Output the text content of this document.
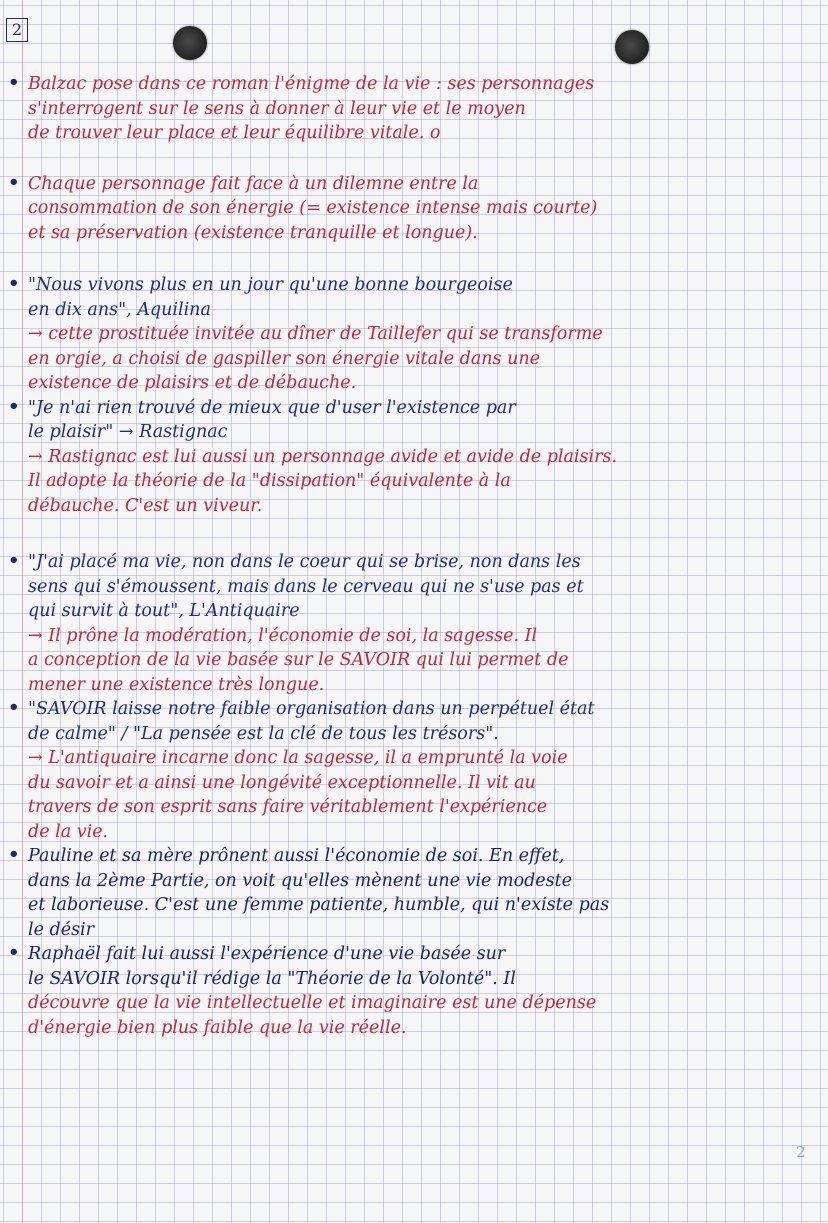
2
• Balzac pose dans ce roman l'énigme de la vie : ses personnages

s'interrogent sur le sens à donner à leur vie et le moyen

de trouver leur place et leur équilibre vitale. o

• Chaque personnage fait face à un dilemne entre la

consommation de son énergie (= existence intense mais courte)

et sa préservation (existence tranquille et longue).

• "Nous vivons plus en un jour qu'une bonne bourgeoise

en dix ans", Aquilina

→ cette prostituée invitée au dîner de Taillefer qui se transforme

en orgie, a choisi de gaspiller son énergie vitale dans une

existence de plaisirs et de débauche.

• "Je n'ai rien trouvé de mieux que d'user l'existence par

le plaisir" → Rastignac

→ Rastignac est lui aussi un personnage avide et avide de plaisirs.

Il adopte la théorie de la "dissipation" équivalente à la

débauche. C'est un viveur.

• "J'ai placé ma vie, non dans le coeur qui se brise, non dans les

sens qui s'émoussent, mais dans le cerveau qui ne s'use pas et

qui survit à tout", L'Antiquaire

→ Il prône la modération, l'économie de soi, la sagesse. Il

a conception de la vie basée sur le SAVOIR qui lui permet de

mener une existence très longue.

• "SAVOIR laisse notre faible organisation dans un perpétuel état

de calme" / "La pensée est la clé de tous les trésors".

→ L'antiquaire incarne donc la sagesse, il a emprunté la voie

du savoir et a ainsi une longévité exceptionnelle. Il vit au

travers de son esprit sans faire véritablement l'expérience

de la vie.

• Pauline et sa mère prônent aussi l'économie de soi. En effet,

dans la 2ème Partie, on voit qu'elles mènent une vie modeste

et laborieuse. C'est une femme patiente, humble, qui n'existe pas

le désir

• Raphaël fait lui aussi l'expérience d'une vie basée sur

le SAVOIR lorsqu'il rédige la "Théorie de la Volonté". Il

découvre que la vie intellectuelle et imaginaire est une dépense

d'énergie bien plus faible que la vie réelle.

2
